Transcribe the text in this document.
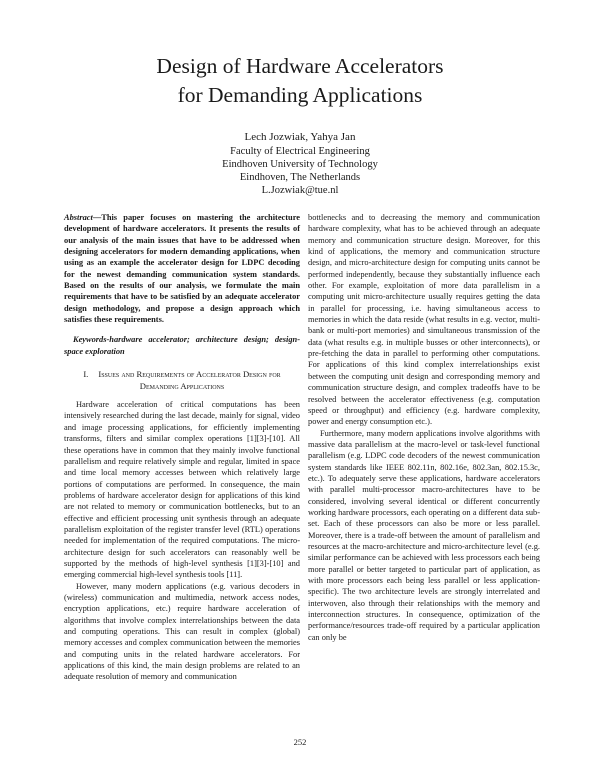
Design of Hardware Accelerators
for Demanding Applications
Lech Jozwiak, Yahya Jan
Faculty of Electrical Engineering
Eindhoven University of Technology
Eindhoven, The Netherlands
L.Jozwiak@tue.nl

Abstract—This paper focuses on mastering the architecture development of hardware accelerators. It presents the results of our analysis of the main issues that have to be addressed when designing accelerators for modern demanding applications, when using as an example the accelerator design for LDPC decoding for the newest demanding communication system standards. Based on the results of our analysis, we formulate the main requirements that have to be satisfied by an adequate accelerator design methodology, and propose a design approach which satisfies these requirements.

Keywords-hardware accelerator; architecture design; design-space exploration

I. Issues and Requirements of Accelerator Design for Demanding Applications

Hardware acceleration of critical computations has been intensively researched during the last decade, mainly for signal, video and image processing applications, for efficiently implementing transforms, filters and similar complex operations [1][3]-[10]. All these operations have in common that they mainly involve functional parallelism and require relatively simple and regular, limited in space and time local memory accesses between which relatively large portions of computations are performed. In consequence, the main problems of hardware accelerator design for applications of this kind are not related to memory or communication bottlenecks, but to an effective and efficient processing unit synthesis through an adequate parallelism exploitation of the register transfer level (RTL) operations needed for implementation of the required computations. The micro-architecture design for such accelerators can reasonably well be supported by the methods of high-level synthesis [1][3]-[10] and emerging commercial high-level synthesis tools [11].

However, many modern applications (e.g. various decoders in (wireless) communication and multimedia, network access nodes, encryption applications, etc.) require hardware acceleration of algorithms that involve complex interrelationships between the data and computing operations. This can result in complex (global) memory accesses and complex communication between the memories and computing units in the related hardware accelerators. For applications of this kind, the main design problems are related to an adequate resolution of memory and communication

bottlenecks and to decreasing the memory and communication hardware complexity, what has to be achieved through an adequate memory and communication structure design. Moreover, for this kind of applications, the memory and communication structure design, and micro-architecture design for computing units cannot be performed independently, because they substantially influence each other. For example, exploitation of more data parallelism in a computing unit micro-architecture usually requires getting the data in parallel for processing, i.e. having simultaneous access to memories in which the data reside (what results in e.g. vector, multi-bank or multi-port memories) and simultaneous transmission of the data (what results e.g. in multiple busses or other interconnects), or pre-fetching the data in parallel to performing other computations. For applications of this kind complex interrelationships exist between the computing unit design and corresponding memory and communication structure design, and complex tradeoffs have to be resolved between the accelerator effectiveness (e.g. computation speed or throughput) and efficiency (e.g. hardware complexity, power and energy consumption etc.).

Furthermore, many modern applications involve algorithms with massive data parallelism at the macro-level or task-level functional parallelism (e.g. LDPC code decoders of the newest communication system standards like IEEE 802.11n, 802.16e, 802.3an, 802.15.3c, etc.). To adequately serve these applications, hardware accelerators with parallel multi-processor macro-architectures have to be considered, involving several identical or different concurrently working hardware processors, each operating on a different data sub-set. Each of these processors can also be more or less parallel. Moreover, there is a trade-off between the amount of parallelism and resources at the macro-architecture and micro-architecture level (e.g. similar performance can be achieved with less processors each being more parallel or better targeted to particular part of application, as with more processors each being less parallel or less application-specific). The two architecture levels are strongly interrelated and interwoven, also through their relationships with the memory and interconnection structures. In consequence, optimization of the performance/resources trade-off required by a particular application can only be

252
